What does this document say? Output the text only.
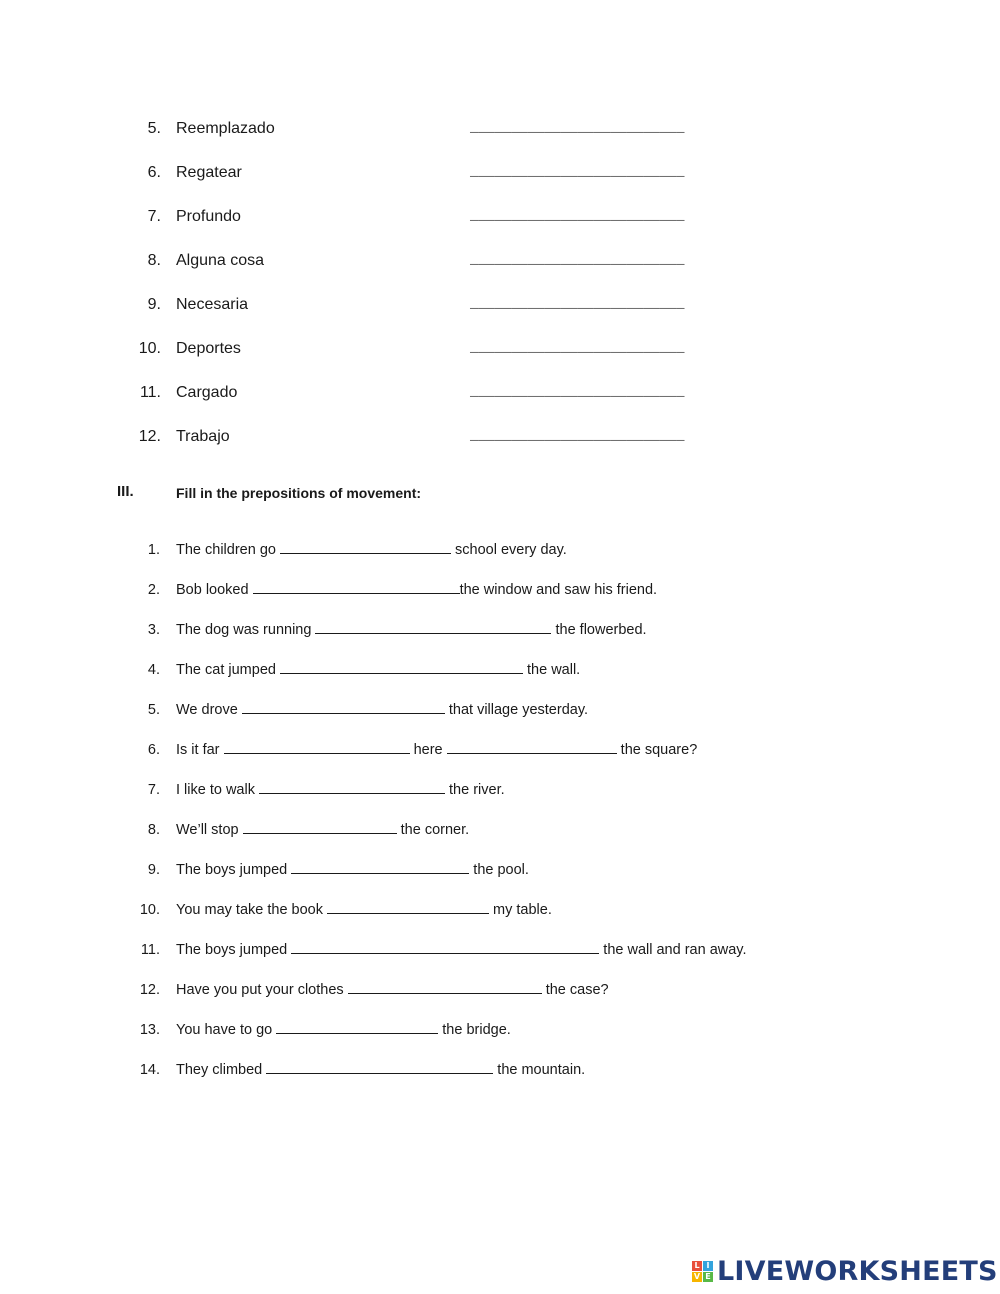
5. Reemplazado	__________________________
6. Regatear	__________________________
7. Profundo	__________________________
8. Alguna cosa	__________________________
9. Necesaria	__________________________
10. Deportes	__________________________
11. Cargado	__________________________
12. Trabajo	__________________________
III.	Fill in the prepositions of movement:
1. The children go	school every day.
2. Bob looked	the window and saw his friend.
3. The dog was running	the flowerbed.
4. The cat jumped	the wall.
5. We drove	that village yesterday.
6. Is it far	here	the square?
7. I like to walk	the river.
8. We’ll stop	the corner.
9. The boys jumped	the pool.
10. You may take the book	my table.
11. The boys jumped	the wall and ran away.
12. Have you put your clothes	the case?
13. You have to go	the bridge.
14. They climbed	the mountain.
L I
V E LIVEWORKSHEETS
